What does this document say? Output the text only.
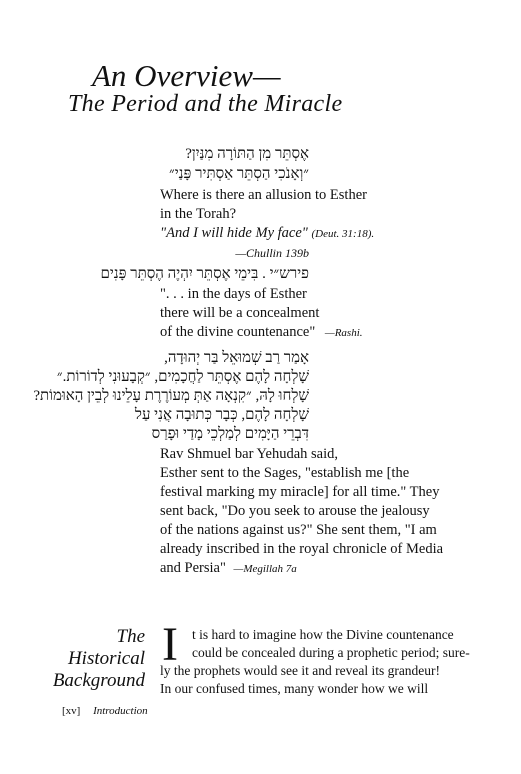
An Overview—
The Period and the Miracle
אֶסְתֵּר מִן הַתּוֹרָה מִנַּיִן?
״וְאָנֹכִי הַסְתֵּר אַסְתִּיר פָּנַי״
Where is there an allusion to Esther
in the Torah?
"And I will hide My face" (Deut. 31:18).
—Chullin 139b
פירש״י . בִּימֵי אֶסְתֵּר יִהְיֶה הֶסְתֵּר פָּנִים
". . . in the days of Esther
there will be a concealment
of the divine countenance" —Rashi.
אָמַר רַב שְׁמוּאֵל בַּר יְהוּדָה,
שָׁלְחָה לָהֶם אֶסְתֵּר לַחֲכָמִים, ״קְבָעוּנִי לְדוֹרוֹת.״
שָׁלְחוּ לָהּ, ״קִנְאָה אַתְּ מְעוֹרֶרֶת עָלֵינוּ לְבֵין הָאוּמוֹת?
שָׁלְחָה לָהֶם, כְּבָר כְּתוּבָה אֲנִי עַל
דִּבְרֵי הַיָּמִים לְמַלְכֵי מָדַי וּפָרַס
Rav Shmuel bar Yehudah said,
Esther sent to the Sages, "establish me [the
festival marking my miracle] for all time." They
sent back, "Do you seek to arouse the jealousy
of the nations against us?" She sent them, "I am
already inscribed in the royal chronicle of Media
and Persia" —Megillah 7a
The
Historical
Background
I t is hard to imagine how the Divine countenance
could be concealed during a prophetic period; sure-
ly the prophets would see it and reveal its grandeur!
In our confused times, many wonder how we will
[xv] Introduction
